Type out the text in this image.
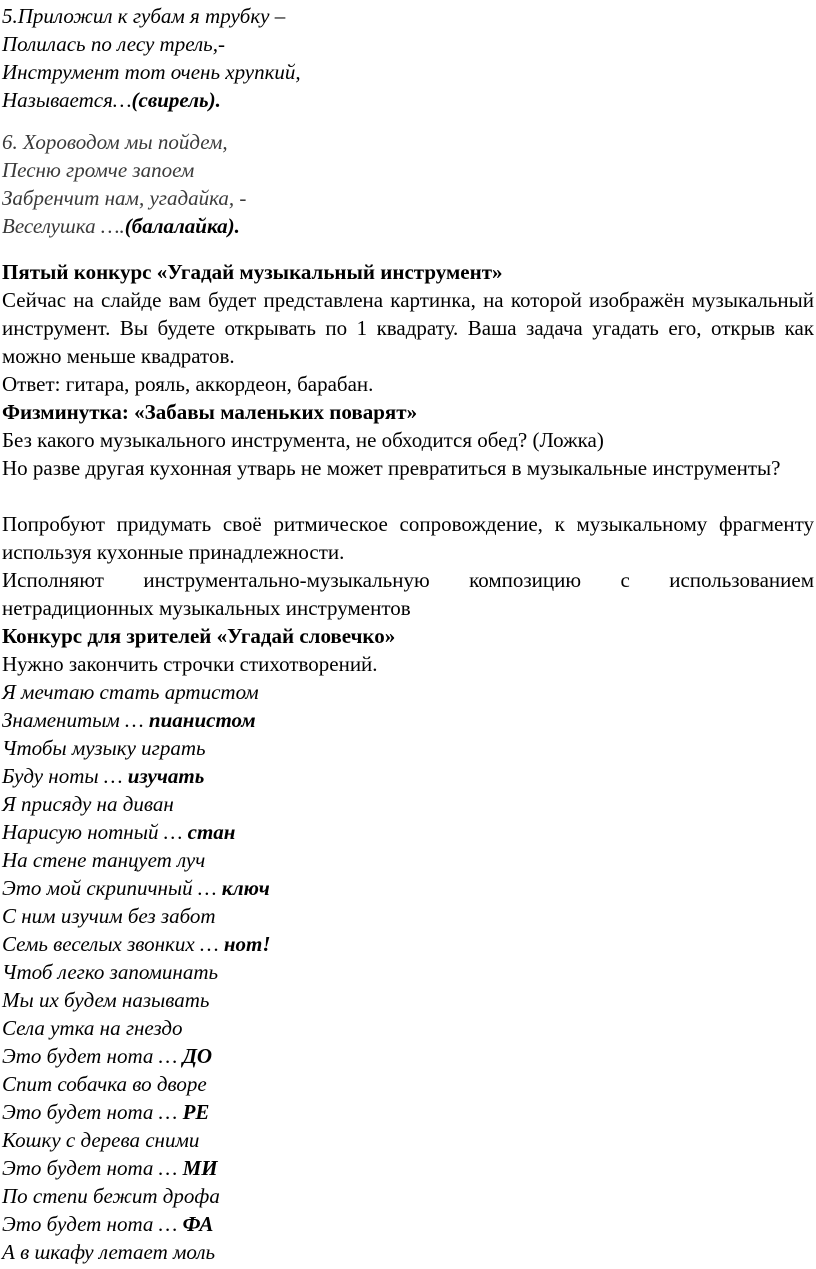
5.Приложил к губам я трубку –
Полилась по лесу трель,-
Инструмент тот очень хрупкий,
Называется…(свирель).
6. Хороводом мы пойдем,
Песню громче запоем
Забренчит нам, угадайка, -
Веселушка ….(балалайка).
Пятый конкурс «Угадай музыкальный инструмент»
Сейчас на слайде вам будет представлена картинка, на которой изображён музыкальный инструмент. Вы будете открывать по 1 квадрату. Ваша задача угадать его, открыв как можно меньше квадратов.
Ответ: гитара, рояль, аккордеон, барабан.
Физминутка: «Забавы маленьких поварят»
Без какого музыкального инструмента, не обходится обед? (Ложка)
Но разве другая кухонная утварь не может превратиться в музыкальные инструменты?
Попробуют придумать своё ритмическое сопровождение, к музыкальному фрагменту используя кухонные принадлежности.
Исполняют инструментально-музыкальную композицию с использованием нетрадиционных музыкальных инструментов
Конкурс для зрителей «Угадай словечко»
Нужно закончить строчки стихотворений.
Я мечтаю стать артистом
Знаменитым … пианистом
Чтобы музыку играть
Буду ноты … изучать
Я присяду на диван
Нарисую нотный … стан
На стене танцует луч
Это мой скрипичный … ключ
С ним изучим без забот
Семь веселых звонких … нот!
Чтоб легко запоминать
Мы их будем называть
Села утка на гнездо
Это будет нота … ДО
Спит собачка во дворе
Это будет нота … РЕ
Кошку с дерева сними
Это будет нота … МИ
По степи бежит дрофа
Это будет нота … ФА
А в шкафу летает моль
